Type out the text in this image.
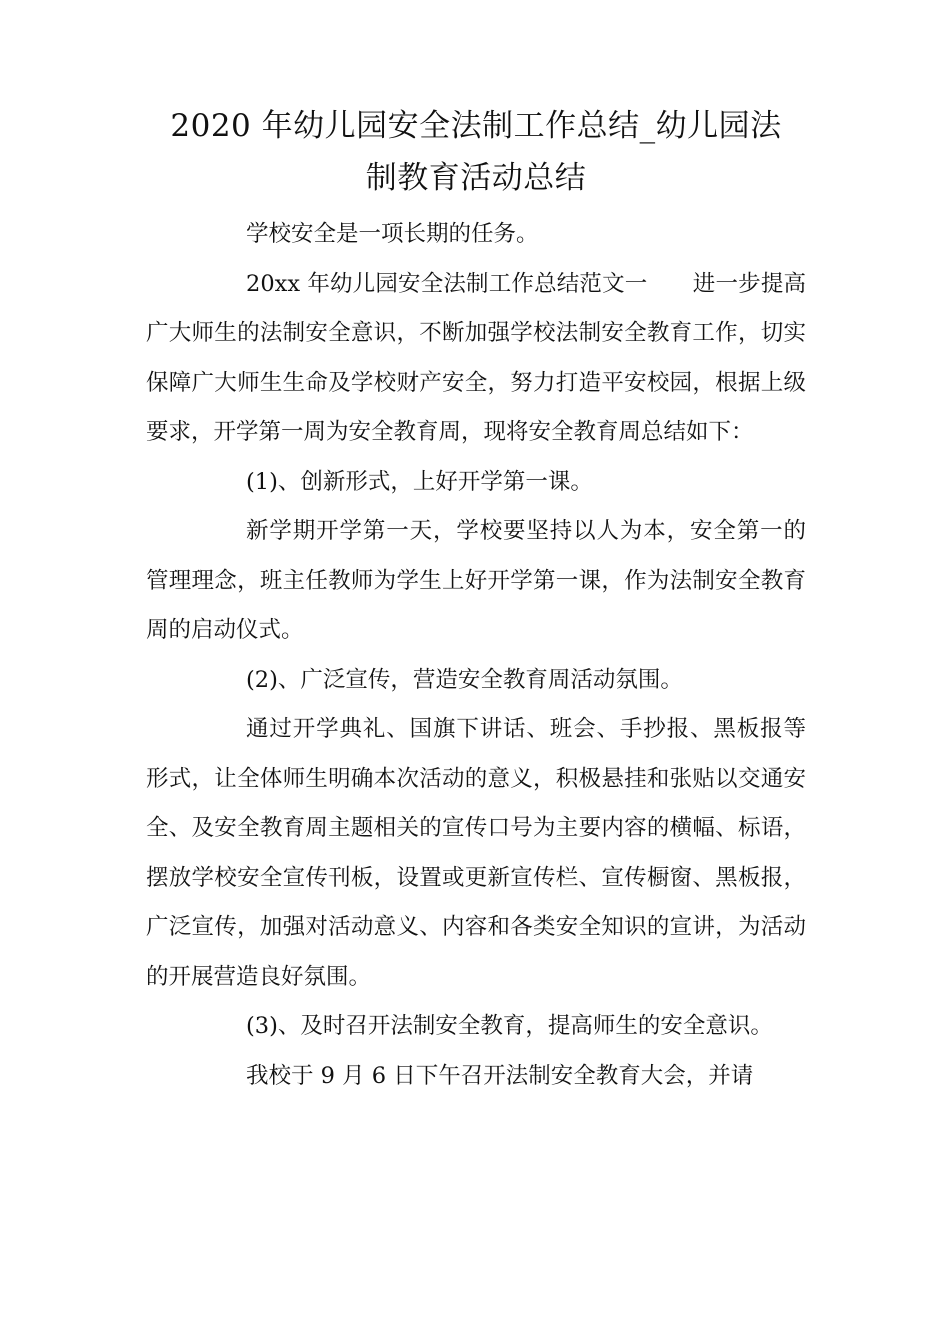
2020 年幼儿园安全法制工作总结_幼儿园法
制教育活动总结

学校安全是一项长期的任务。

20xx 年幼儿园安全法制工作总结范文一　　进一步提高广大师生的法制安全意识，不断加强学校法制安全教育工作，切实保障广大师生生命及学校财产安全，努力打造平安校园，根据上级要求，开学第一周为安全教育周，现将安全教育周总结如下：

(1)、创新形式，上好开学第一课。

新学期开学第一天，学校要坚持以人为本，安全第一的管理理念，班主任教师为学生上好开学第一课，作为法制安全教育周的启动仪式。

(2)、广泛宣传，营造安全教育周活动氛围。

通过开学典礼、国旗下讲话、班会、手抄报、黑板报等形式，让全体师生明确本次活动的意义，积极悬挂和张贴以交通安全、及安全教育周主题相关的宣传口号为主要内容的横幅、标语，摆放学校安全宣传刊板，设置或更新宣传栏、宣传橱窗、黑板报，广泛宣传，加强对活动意义、内容和各类安全知识的宣讲，为活动的开展营造良好氛围。

(3)、及时召开法制安全教育，提高师生的安全意识。

我校于 9 月 6 日下午召开法制安全教育大会，并请
